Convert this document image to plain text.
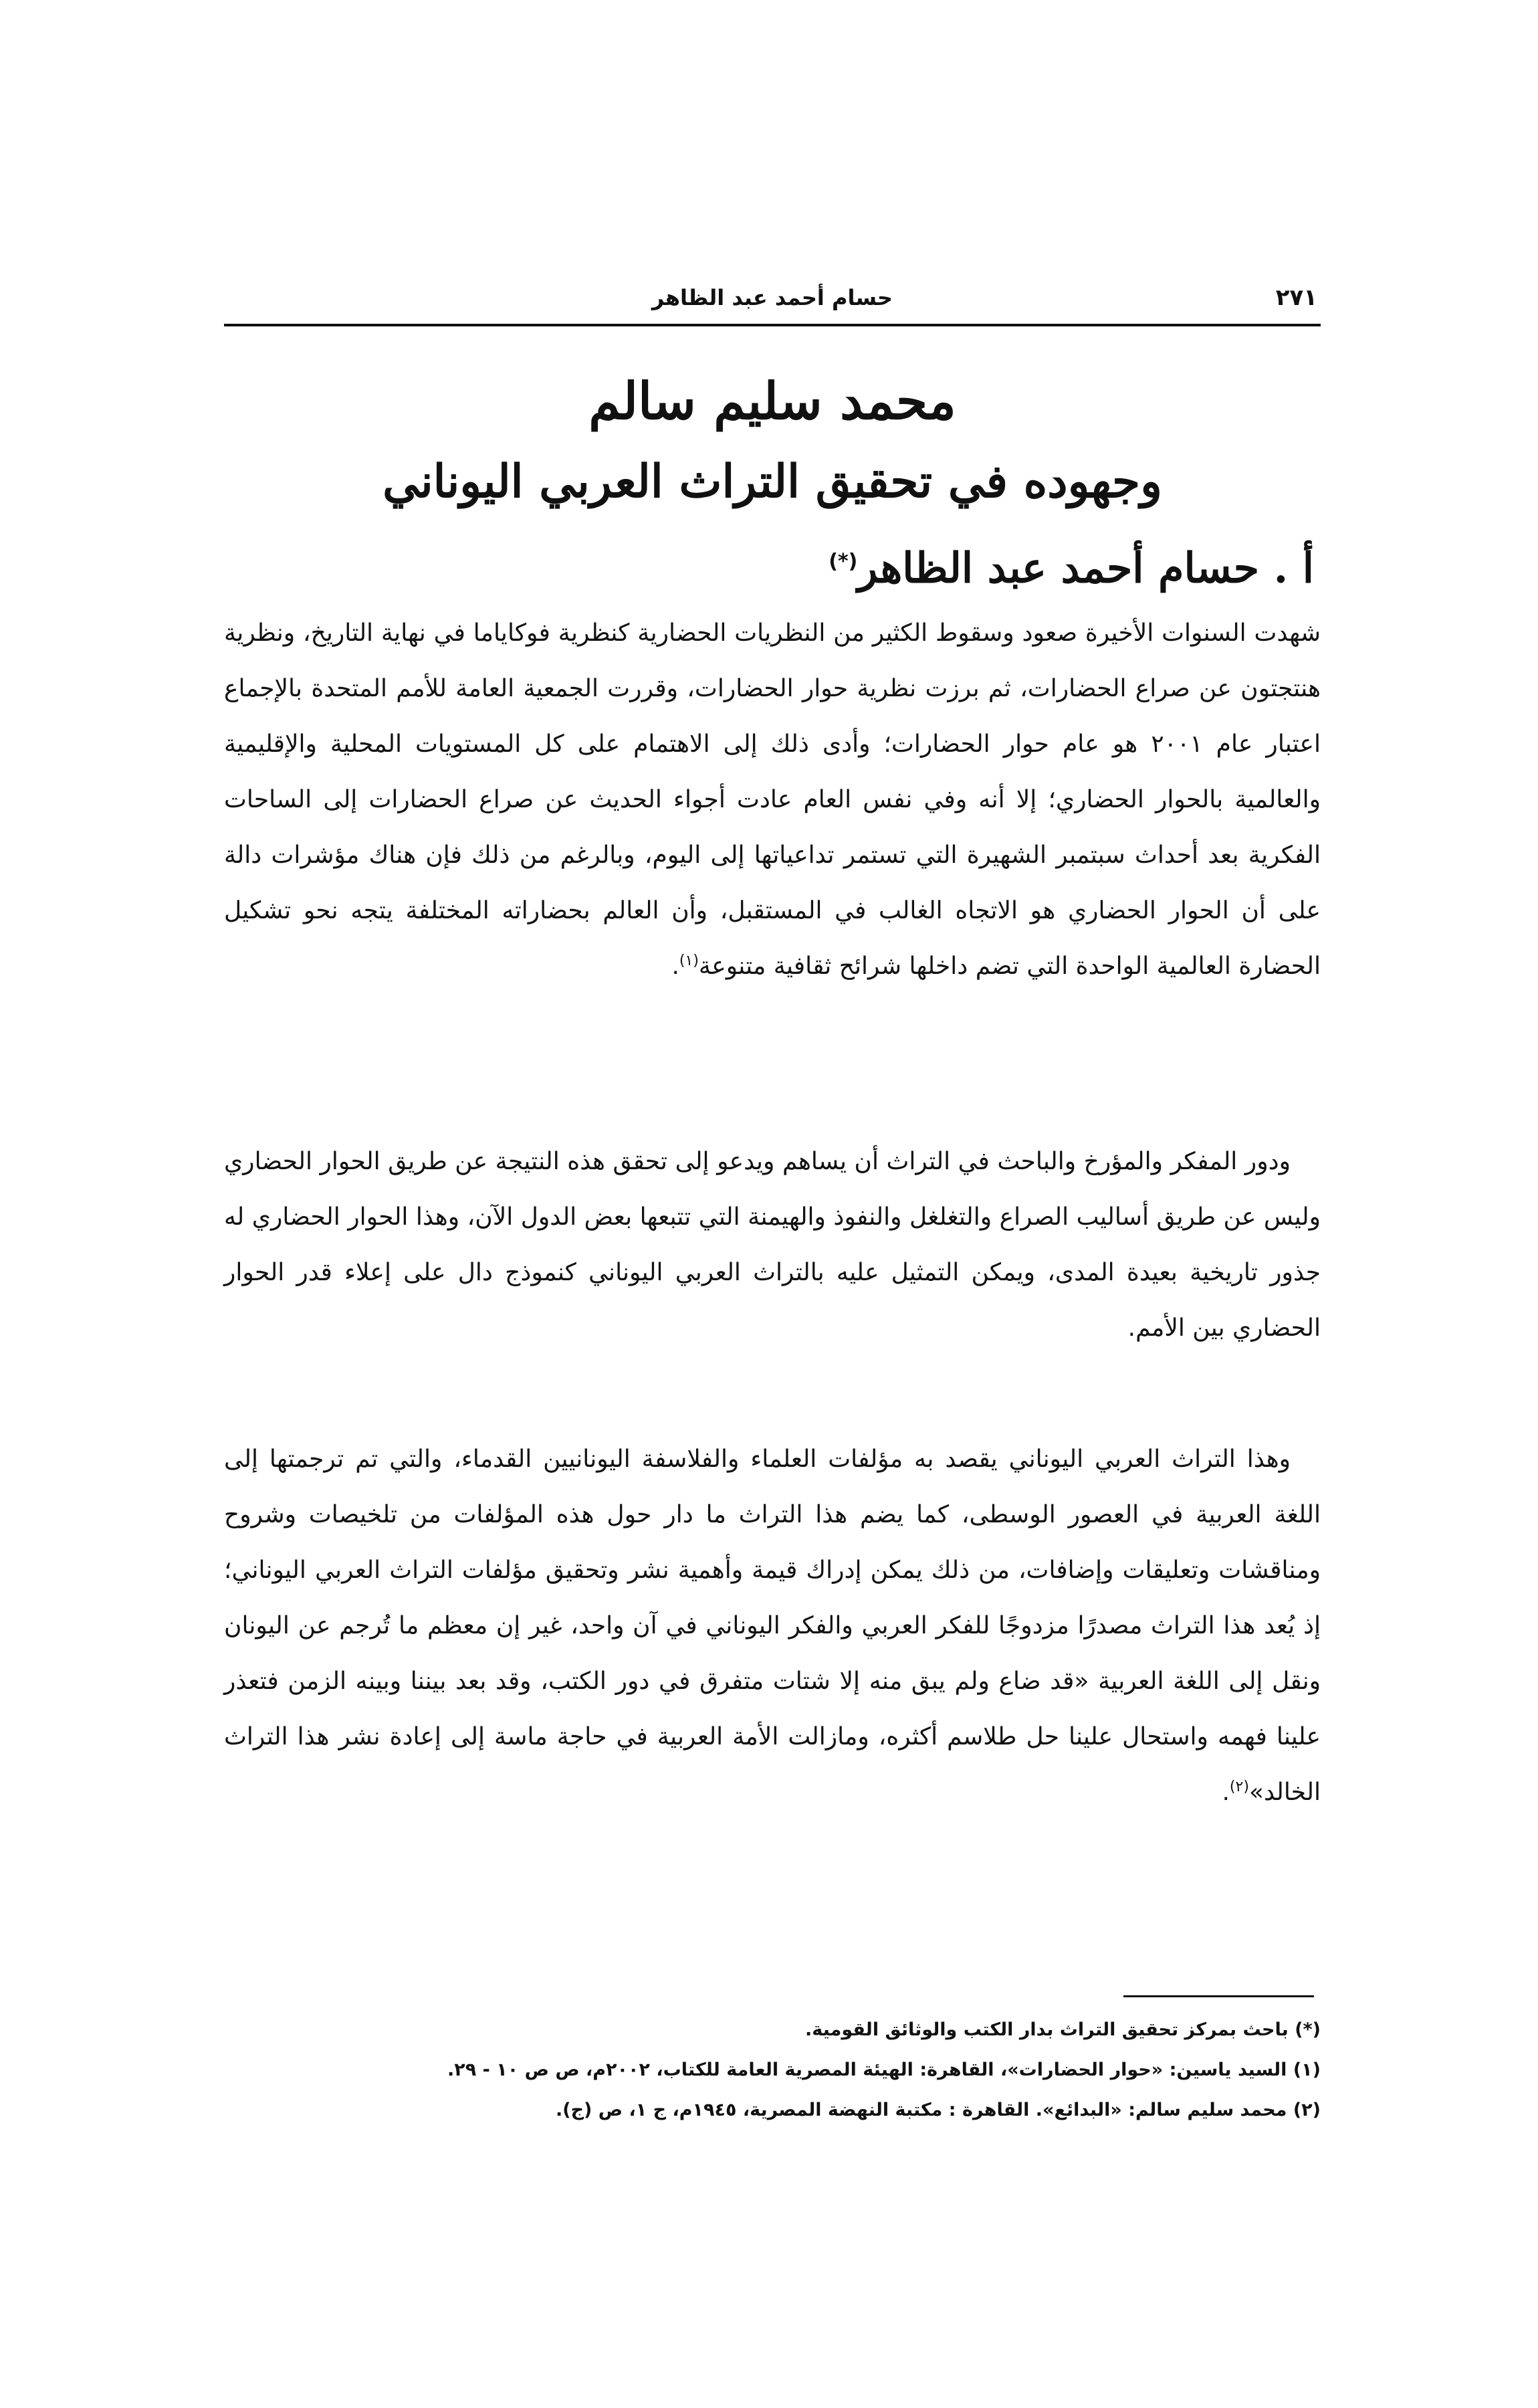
٢٧١
حسام أحمد عبد الظاهر
محمد سليم سالم
وجهوده في تحقيق التراث العربي اليوناني
أ . حسام أحمد عبد الظاهر(*)

شهدت السنوات الأخيرة صعود وسقوط الكثير من النظريات الحضارية كنظرية فوكاياما في نهاية التاريخ، ونظرية هنتجتون عن صراع الحضارات، ثم برزت نظرية حوار الحضارات، وقررت الجمعية العامة للأمم المتحدة بالإجماع اعتبار عام ٢٠٠١ هو عام حوار الحضارات؛ وأدى ذلك إلى الاهتمام على كل المستويات المحلية والإقليمية والعالمية بالحوار الحضاري؛ إلا أنه وفي نفس العام عادت أجواء الحديث عن صراع الحضارات إلى الساحات الفكرية بعد أحداث سبتمبر الشهيرة التي تستمر تداعياتها إلى اليوم، وبالرغم من ذلك فإن هناك مؤشرات دالة على أن الحوار الحضاري هو الاتجاه الغالب في المستقبل، وأن العالم بحضاراته المختلفة يتجه نحو تشكيل الحضارة العالمية الواحدة التي تضم داخلها شرائح ثقافية متنوعة$^{(١)}$.

ودور المفكر والمؤرخ والباحث في التراث أن يساهم ويدعو إلى تحقق هذه النتيجة عن طريق الحوار الحضاري وليس عن طريق أساليب الصراع والتغلغل والنفوذ والهيمنة التي تتبعها بعض الدول الآن، وهذا الحوار الحضاري له جذور تاريخية بعيدة المدى، ويمكن التمثيل عليه بالتراث العربي اليوناني كنموذج دال على إعلاء قدر الحوار الحضاري بين الأمم.

وهذا التراث العربي اليوناني يقصد به مؤلفات العلماء والفلاسفة اليونانيين القدماء، والتي تم ترجمتها إلى اللغة العربية في العصور الوسطى، كما يضم هذا التراث ما دار حول هذه المؤلفات من تلخيصات وشروح ومناقشات وتعليقات وإضافات، من ذلك يمكن إدراك قيمة وأهمية نشر وتحقيق مؤلفات التراث العربي اليوناني؛ إذ يُعد هذا التراث مصدرًا مزدوجًا للفكر العربي والفكر اليوناني في آن واحد، غير إن معظم ما تُرجم عن اليونان ونقل إلى اللغة العربية «قد ضاع ولم يبق منه إلا شتات متفرق في دور الكتب، وقد بعد بيننا وبينه الزمن فتعذر علينا فهمه واستحال علينا حل طلاسم أكثره، ومازالت الأمة العربية في حاجة ماسة إلى إعادة نشر هذا التراث الخالد»$^{(٢)}$.

(*) باحث بمركز تحقيق التراث بدار الكتب والوثائق القومية.

(١) السيد ياسين: «حوار الحضارات»، القاهرة: الهيئة المصرية العامة للكتاب، ٢٠٠٢م، ص ص ١٠ - ٢٩.

(٢) محمد سليم سالم: «البدائع». القاهرة : مكتبة النهضة المصرية، ١٩٤٥م، ج ١، ص (ج).
